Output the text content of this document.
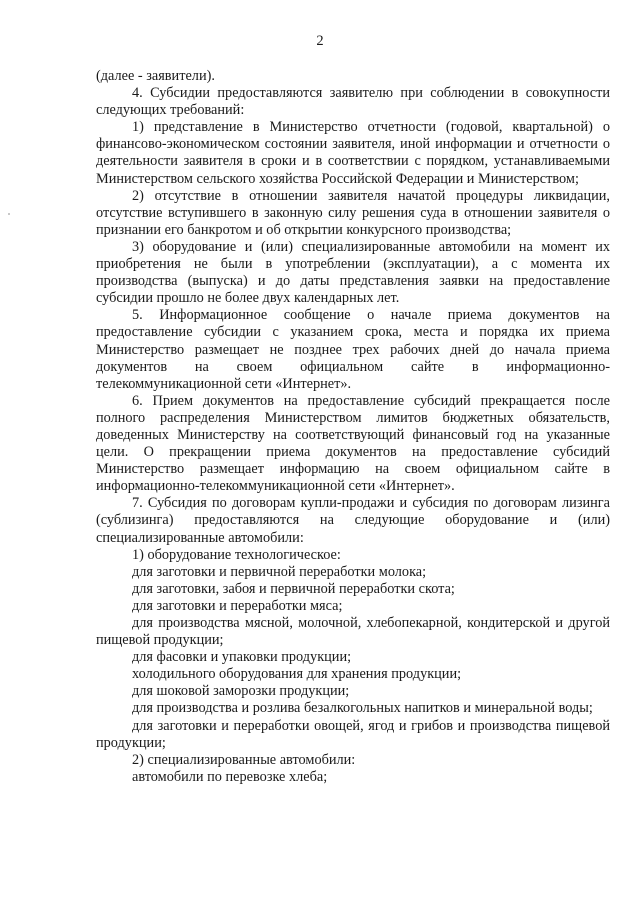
2

(далее - заявители).

4. Субсидии предоставляются заявителю при соблюдении в совокупности следующих требований:

1) представление в Министерство отчетности (годовой, квартальной) о финансово-экономическом состоянии заявителя, иной информации и отчетности о деятельности заявителя в сроки и в соответствии с порядком, устанавливаемыми Министерством сельского хозяйства Российской Федерации и Министерством;

2) отсутствие в отношении заявителя начатой процедуры ликвидации, отсутствие вступившего в законную силу решения суда в отношении заявителя о признании его банкротом и об открытии конкурсного производства;

3) оборудование и (или) специализированные автомобили на момент их приобретения не были в употреблении (эксплуатации), а с момента их производства (выпуска) и до даты представления заявки на предоставление субсидии прошло не более двух календарных лет.

5. Информационное сообщение о начале приема документов на предоставление субсидии с указанием срока, места и порядка их приема Министерство размещает не позднее трех рабочих дней до начала приема документов на своем официальном сайте в информационно-телекоммуникационной сети «Интернет».

6. Прием документов на предоставление субсидий прекращается после полного распределения Министерством лимитов бюджетных обязательств, доведенных Министерству на соответствующий финансовый год на указанные цели. О прекращении приема документов на предоставление субсидий Министерство размещает информацию на своем официальном сайте в информационно-телекоммуникационной сети «Интернет».

7. Субсидия по договорам купли-продажи и субсидия по договорам лизинга (сублизинга) предоставляются на следующие оборудование и (или) специализированные автомобили:

1) оборудование технологическое:

для заготовки и первичной переработки молока;

для заготовки, забоя и первичной переработки скота;

для заготовки и переработки мяса;

для производства мясной, молочной, хлебопекарной, кондитерской и другой пищевой продукции;

для фасовки и упаковки продукции;

холодильного оборудования для хранения продукции;

для шоковой заморозки продукции;

для производства и розлива безалкогольных напитков и минеральной воды;

для заготовки и переработки овощей, ягод и грибов и производства пищевой продукции;

2) специализированные автомобили:

автомобили по перевозке хлеба;
